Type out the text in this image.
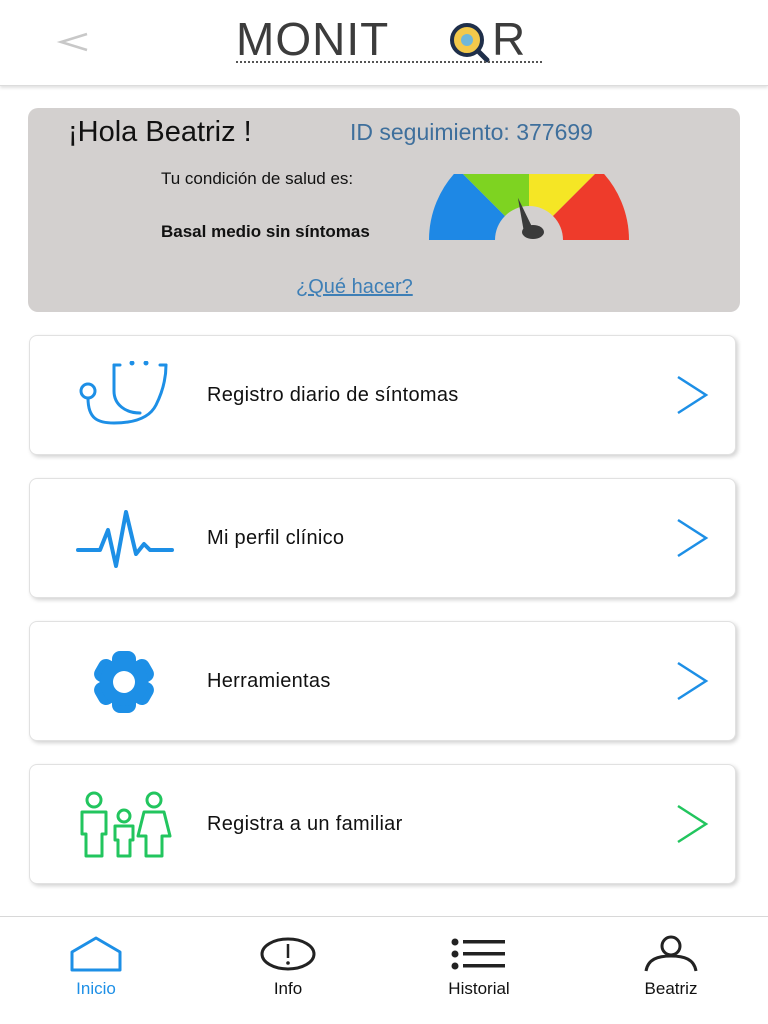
MONIT R
¡Hola Beatriz !	ID seguimiento: 377699
Tu condición de salud es:
Basal medio sin síntomas
¿Qué hacer?
Registro diario de síntomas
Mi perfil clínico
Herramientas
Registra a un familiar
Inicio	Info	Historial	Beatriz
